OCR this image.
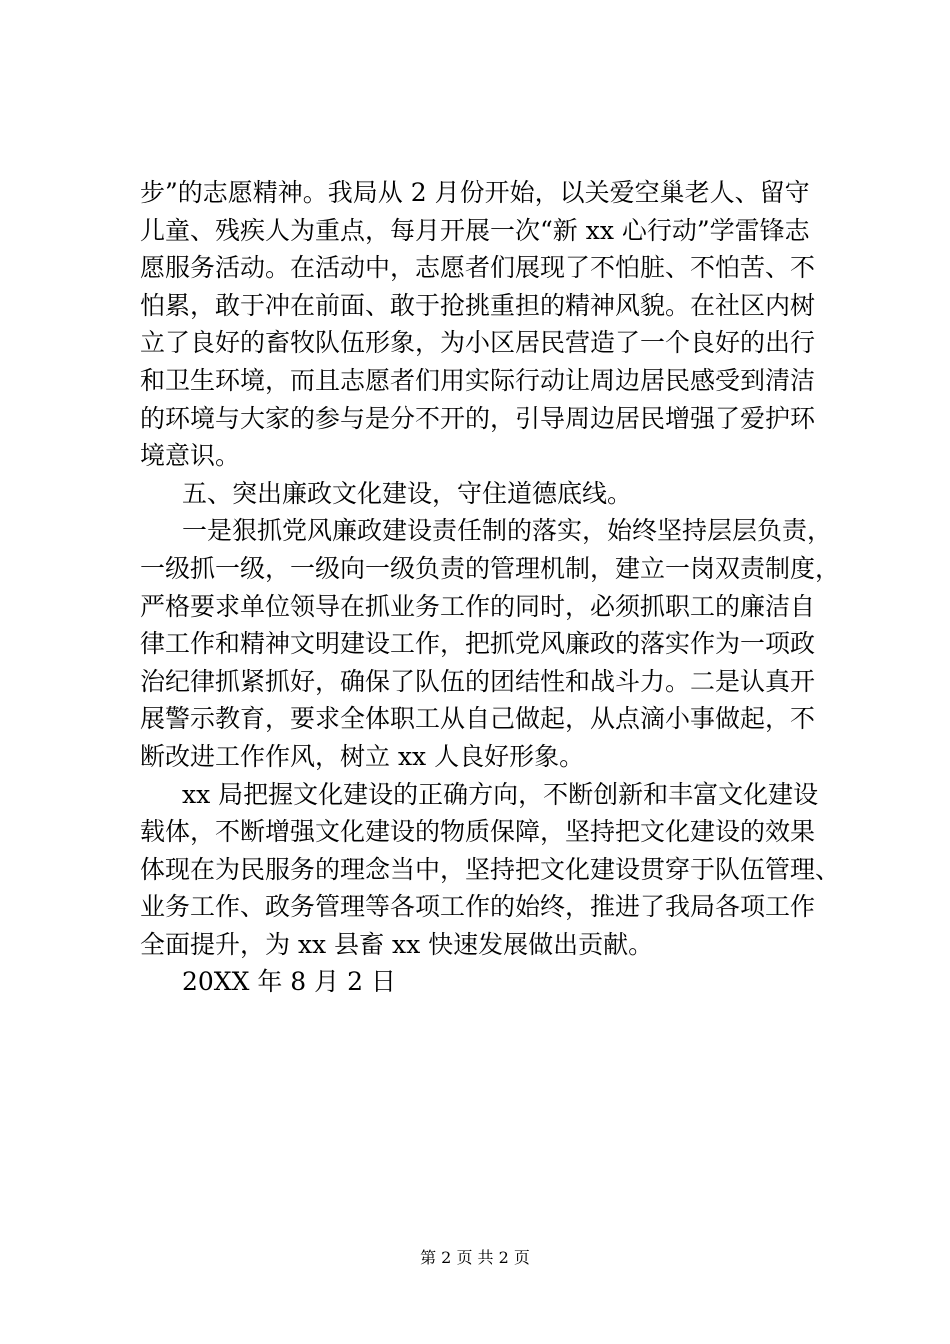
步”的志愿精神。我局从 2 月份开始，以关爱空巢老人、留守
儿童、残疾人为重点，每月开展一次“新 xx 心行动”学雷锋志
愿服务活动。在活动中，志愿者们展现了不怕脏、不怕苦、不
怕累，敢于冲在前面、敢于抢挑重担的精神风貌。在社区内树
立了良好的畜牧队伍形象，为小区居民营造了一个良好的出行
和卫生环境，而且志愿者们用实际行动让周边居民感受到清洁
的环境与大家的参与是分不开的，引导周边居民增强了爱护环
境意识。
五、突出廉政文化建设，守住道德底线。
一是狠抓党风廉政建设责任制的落实，始终坚持层层负责，
一级抓一级，一级向一级负责的管理机制，建立一岗双责制度，
严格要求单位领导在抓业务工作的同时，必须抓职工的廉洁自
律工作和精神文明建设工作，把抓党风廉政的落实作为一项政
治纪律抓紧抓好，确保了队伍的团结性和战斗力。二是认真开
展警示教育，要求全体职工从自己做起，从点滴小事做起，不
断改进工作作风，树立 xx 人良好形象。
xx 局把握文化建设的正确方向，不断创新和丰富文化建设
载体，不断增强文化建设的物质保障，坚持把文化建设的效果
体现在为民服务的理念当中，坚持把文化建设贯穿于队伍管理、
业务工作、政务管理等各项工作的始终，推进了我局各项工作
全面提升，为 xx 县畜 xx 快速发展做出贡献。
20XX 年 8 月 2 日
第 2 页 共 2 页
